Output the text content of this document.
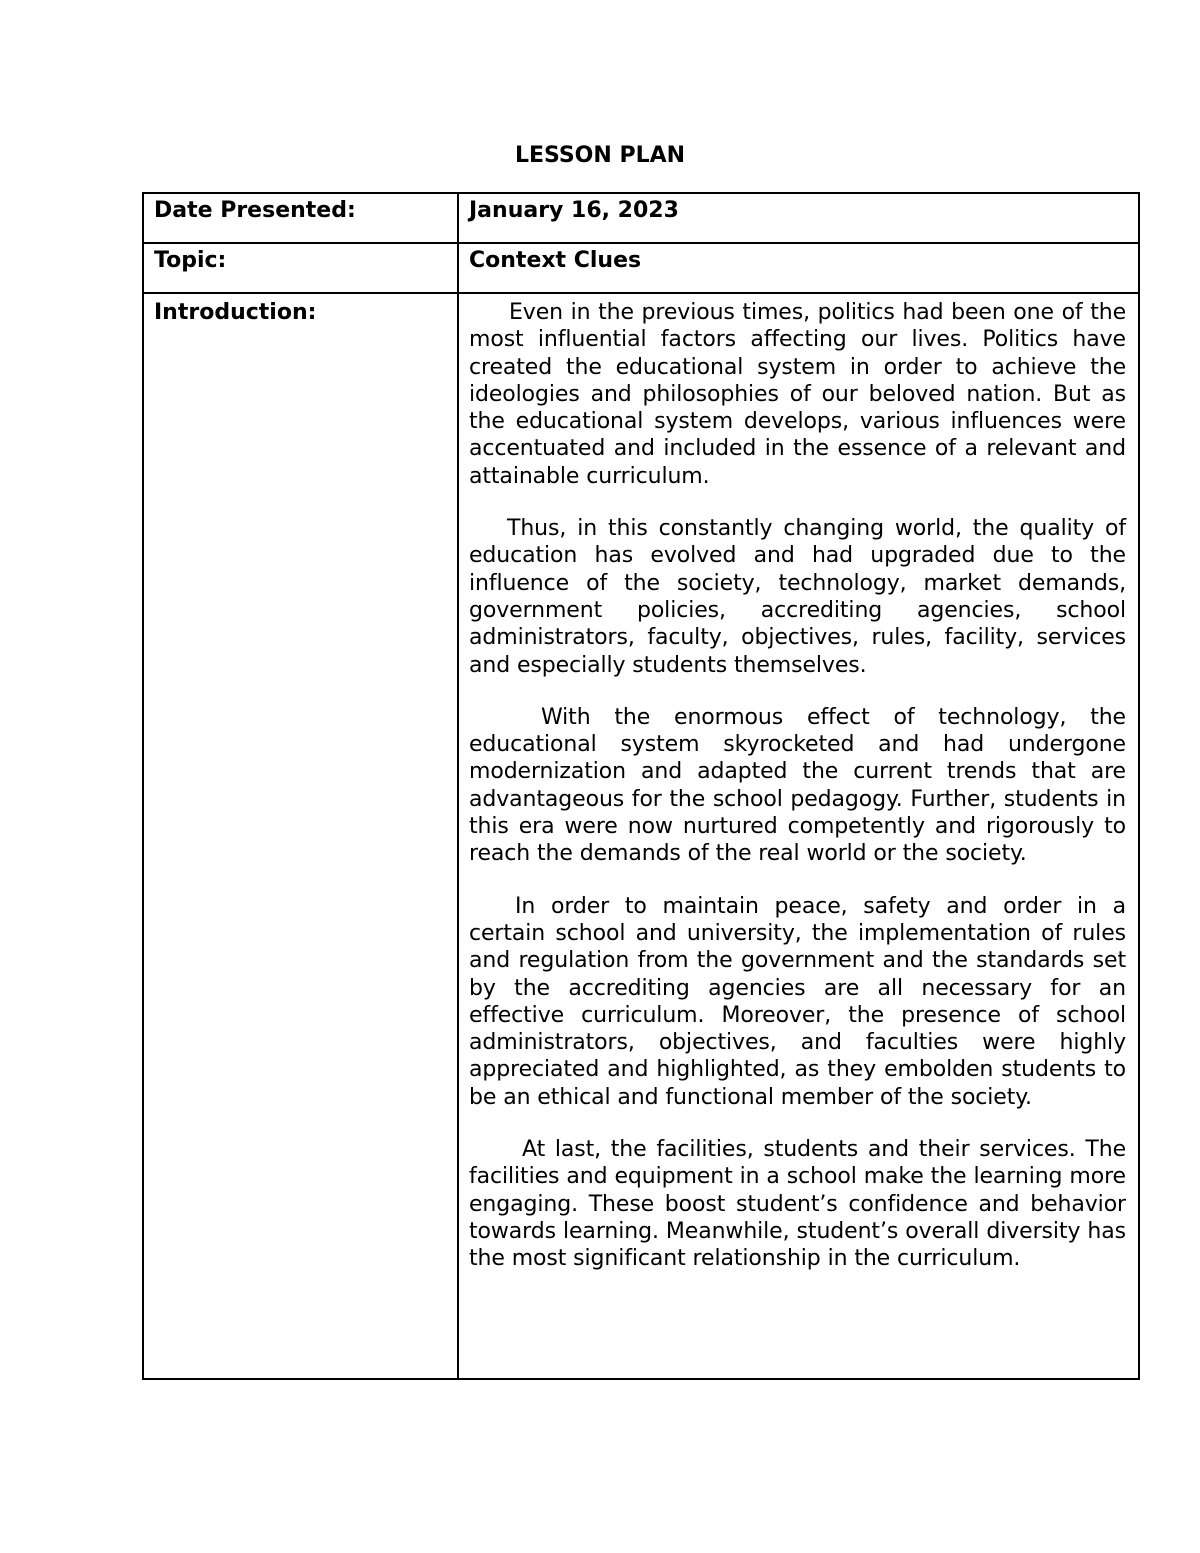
LESSON PLAN
Date Presented:	January 16, 2023
Topic:	Context Clues
Introduction:	Even in the previous times, politics had been one of the most influential factors affecting our lives. Politics have created the educational system in order to achieve the ideologies and philosophies of our beloved nation. But as the educational system develops, various influences were accentuated and included in the essence of a relevant and attainable curriculum.

Thus, in this constantly changing world, the quality of education has evolved and had upgraded due to the influence of the society, technology, market demands, government policies, accrediting agencies, school administrators, faculty, objectives, rules, facility, services and especially students themselves.

With the enormous effect of technology, the educational system skyrocketed and had undergone modernization and adapted the current trends that are advantageous for the school pedagogy. Further, students in this era were now nurtured competently and rigorously to reach the demands of the real world or the society.

In order to maintain peace, safety and order in a certain school and university, the implementation of rules and regulation from the government and the standards set by the accrediting agencies are all necessary for an effective curriculum. Moreover, the presence of school administrators, objectives, and faculties were highly appreciated and highlighted, as they embolden students to be an ethical and functional member of the society.

At last, the facilities, students and their services. The facilities and equipment in a school make the learning more engaging. These boost student’s confidence and behavior towards learning. Meanwhile, student’s overall diversity has the most significant relationship in the curriculum.
